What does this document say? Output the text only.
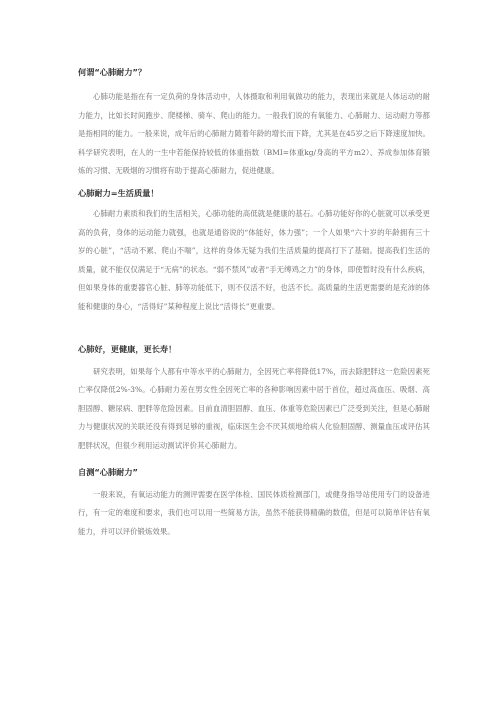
何谓“心肺耐力”？

心肺功能是指在有一定负荷的身体活动中，人体摄取和利用氧做功的能力，表现出来就是人体运动的耐力能力，比如长时间跑步、爬楼梯、骑车、爬山的能力。一般我们说的有氧能力、心肺耐力、运动耐力等都是指相同的能力。一般来说，成年后的心肺耐力随着年龄的增长而下降，尤其是在45岁之后下降速度加快。科学研究表明，在人的一生中若能保持较低的体重指数（BMI=体重kg/身高的平方m2）、养成参加体育锻炼的习惯、无吸烟的习惯将有助于提高心肺耐力，促进健康。

心肺耐力=生活质量！

心肺耐力素质和我们的生活相关，心肺功能的高低就是健康的基石。心肺功能好你的心脏就可以承受更高的负荷，身体的运动能力就强，也就是通俗说的“体能好，体力强”；一个人如果“六十岁的年龄拥有三十岁的心脏”，“活动不累、爬山不喘”，这样的身体无疑为我们生活质量的提高打下了基础。提高我们生活的质量，就不能仅仅满足于“无病”的状态。“弱不禁风”或者“手无缚鸡之力”的身体，即使暂时没有什么疾病，但如果身体的重要器官心脏、肺等功能低下，则不仅活不好，也活不长。高质量的生活更需要的是充沛的体能和健康的身心，“活得好”某种程度上说比“活得长”更重要。

心肺好，更健康，更长寿！

研究表明，如果每个人都有中等水平的心肺耐力，全因死亡率将降低17%，而去除肥胖这一危险因素死亡率仅降低2%-3%。心肺耐力差在男女性全因死亡率的各种影响因素中居于首位，超过高血压、吸烟、高胆固醇、糖尿病、肥胖等危险因素。目前血清胆固醇、血压、体重等危险因素已广泛受到关注，但是心肺耐力与健康状况的关联还没有得到足够的重视，临床医生会不厌其烦地给病人化验胆固醇、测量血压或评估其肥胖状况，但很少利用运动测试评价其心肺耐力。

自测“心肺耐力”

一般来说，有氧运动能力的测评需要在医学体检、国民体质检测部门，或健身指导站使用专门的设备进行，有一定的难度和要求，我们也可以用一些简易方法，虽然不能获得精确的数值，但是可以简单评估有氧能力，并可以评价锻炼效果。
